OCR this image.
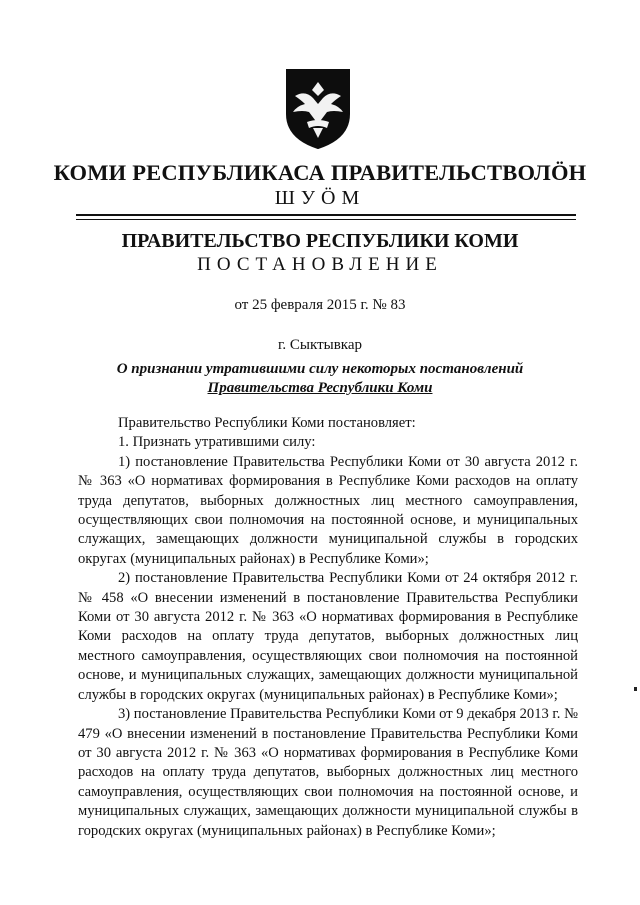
КОМИ РЕСПУБЛИКАСА ПРАВИТЕЛЬСТВОЛӦН
ШУӦМ
ПРАВИТЕЛЬСТВО РЕСПУБЛИКИ КОМИ
ПОСТАНОВЛЕНИЕ
от 25 февраля 2015 г. № 83
г. Сыктывкар
О признании утратившими силу некоторых постановлений
Правительства Республики Коми

Правительство Республики Коми постановляет:

1. Признать утратившими силу:

1) постановление Правительства Республики Коми от 30 августа 2012 г. № 363 «О нормативах формирования в Республике Коми расходов на оплату труда депутатов, выборных должностных лиц местного самоуправления, осуществляющих свои полномочия на постоянной основе, и муниципальных служащих, замещающих должности муниципальной службы в городских округах (муниципальных районах) в Республике Коми»;

2) постановление Правительства Республики Коми от 24 октября 2012 г. № 458 «О внесении изменений в постановление Правительства Республики Коми от 30 августа 2012 г. № 363 «О нормативах формирования в Республике Коми расходов на оплату труда депутатов, выборных должностных лиц местного самоуправления, осуществляющих свои полномочия на постоянной основе, и муниципальных служащих, замещающих должности муниципальной службы в городских округах (муниципальных районах) в Республике Коми»;

3) постановление Правительства Республики Коми от 9 декабря 2013 г. № 479 «О внесении изменений в постановление Правительства Республики Коми от 30 августа 2012 г. № 363 «О нормативах формирования в Республике Коми расходов на оплату труда депутатов, выборных должностных лиц местного самоуправления, осуществляющих свои полномочия на постоянной основе, и муниципальных служащих, замещающих должности муниципальной службы в городских округах (муниципальных районах) в Республике Коми»;
